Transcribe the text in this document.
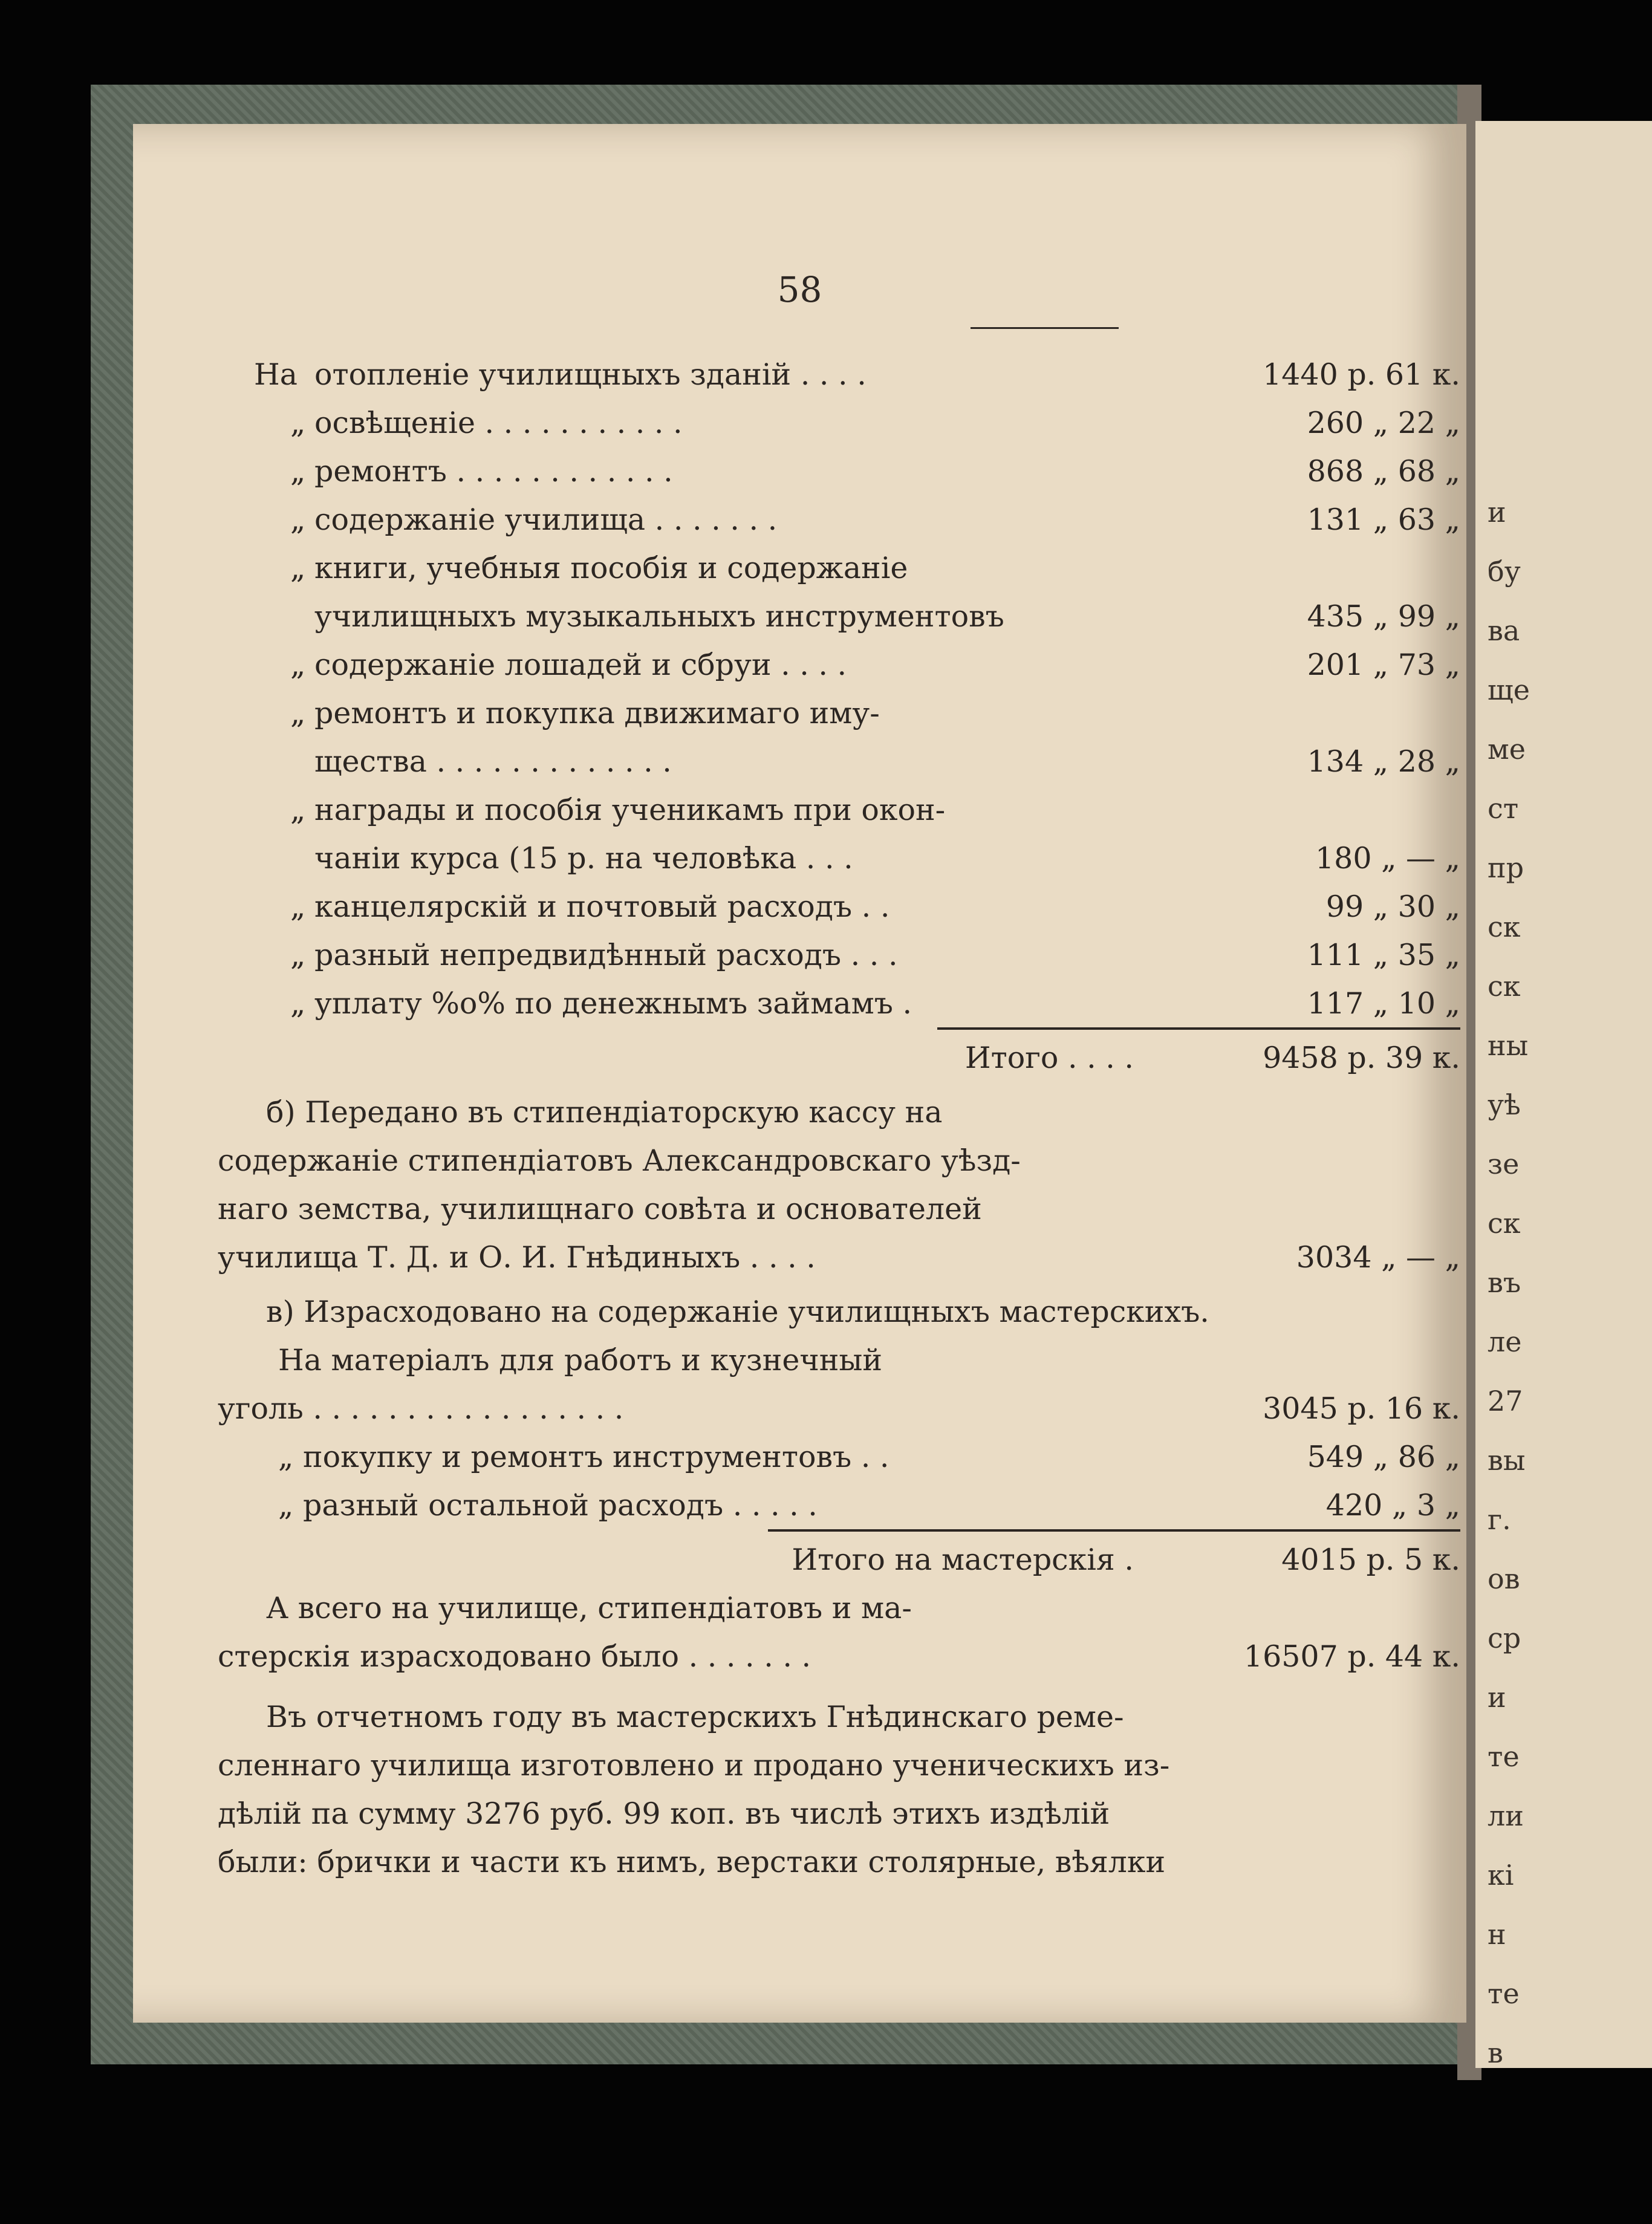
и
бу
ва
ще
ме
ст
пр
ск
ск
ны
уѣ
зе
ск
въ
ле
27
вы
г.
ов
ср
и
те
ли
кі
н
те
в
58
На отопленіе училищныхъ зданій . . . .	1440 р. 61 к.
„ освѣщеніе . . . . . . . . . . .	260 „ 22 „
„ ремонтъ . . . . . . . . . . . .	868 „ 68 „
„ содержаніе училища . . . . . . .	131 „ 63 „
„ книги, учебныя пособія и содержаніе
училищныхъ музыкальныхъ инструментовъ	435 „ 99 „
„ содержаніе лошадей и сбруи . . . .	201 „ 73 „
„ ремонтъ и покупка движимаго иму-
щества . . . . . . . . . . . . .	134 „ 28 „
„ награды и пособія ученикамъ при окон-
чаніи курса (15 р. на человѣка . . .	180 „ — „
„ канцелярскій и почтовый расходъ . .	99 „ 30 „
„ разный непредвидѣнный расходъ . . .	111 „ 35 „
„ уплату %о% по денежнымъ займамъ .	117 „ 10 „
Итого . . . .	9458 р. 39 к.
б) Передано въ стипендіаторскую кассу на
содержаніе стипендіатовъ Александровскаго уѣзд-
наго земства, училищнаго совѣта и основателей
училища Т. Д. и О. И. Гнѣдиныхъ . . . .	3034 „ — „
в) Израсходовано на содержаніе училищныхъ мастерскихъ.
На матеріалъ для работъ и кузнечный
уголь . . . . . . . . . . . . . . . . .	3045 р. 16 к.
„ покупку и ремонтъ инструментовъ . .	549 „ 86 „
„ разный остальной расходъ . . . . .	420 „ 3 „
Итого на мастерскія .	4015 р. 5 к.
А всего на училище, стипендіатовъ и ма-
стерскія израсходовано было . . . . . . .	16507 р. 44 к.
Въ отчетномъ году въ мастерскихъ Гнѣдинскаго реме-
сленнаго училища изготовлено и продано ученическихъ из-
дѣлій па сумму 3276 руб. 99 коп. въ числѣ этихъ издѣлій
были: брички и части къ нимъ, верстаки столярные, вѣялки
